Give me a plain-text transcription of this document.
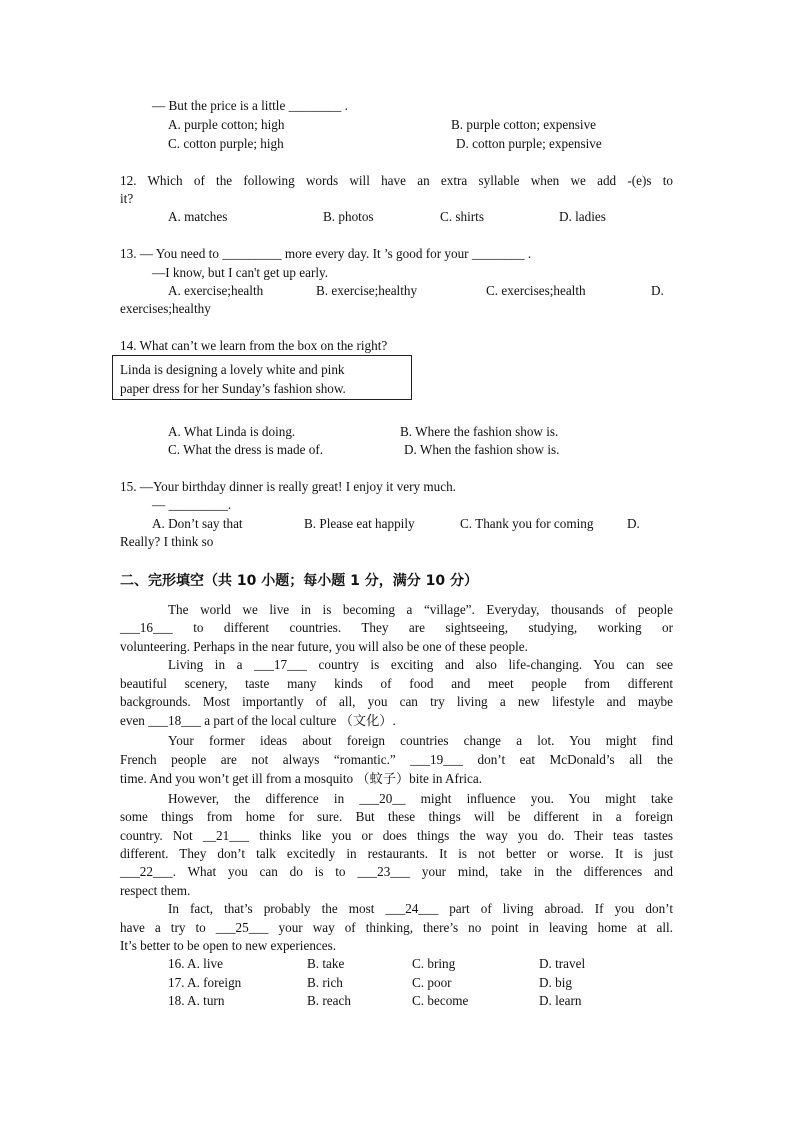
— But the price is a little ________ .
A. purple cotton; high	B. purple cotton; expensive
C. cotton purple; high	D. cotton purple; expensive
12. Which of the following words will have an extra syllable when we add -(e)s to
it?
A. matches	B. photos	C. shirts	D. ladies
13. — You need to _________ more every day. It ’s good for your ________ .
—I know, but I can't get up early.
A. exercise;health	B. exercise;healthy	C. exercises;health	D.
exercises;healthy
14. What can’t we learn from the box on the right?
Linda is designing a lovely white and pink
paper dress for her Sunday’s fashion show.
A. What Linda is doing.	B. Where the fashion show is.
C. What the dress is made of.	D. When the fashion show is.
15. —Your birthday dinner is really great! I enjoy it very much.
— _________.
A. Don’t say that	B. Please eat happily	C. Thank you for coming	D.
Really? I think so
二、完形填空（共 10 小题；每小题 1 分，满分 10 分）
The world we live in is becoming a “village”. Everyday, thousands of people
___16___ to different countries. They are sightseeing, studying, working or
volunteering. Perhaps in the near future, you will also be one of these people.
Living in a ___17___ country is exciting and also life-changing. You can see
beautiful scenery, taste many kinds of food and meet people from different
backgrounds. Most importantly of all, you can try living a new lifestyle and maybe
even ___18___ a part of the local culture （文化）.
Your former ideas about foreign countries change a lot. You might find
French people are not always “romantic.” ___19___ don’t eat McDonald’s all the
time. And you won’t get ill from a mosquito （蚊子）bite in Africa.
However, the difference in ___20__ might influence you. You might take
some things from home for sure. But these things will be different in a foreign
country. Not __21___ thinks like you or does things the way you do. Their teas tastes
different. They don’t talk excitedly in restaurants. It is not better or worse. It is just
___22___. What you can do is to ___23___ your mind, take in the differences and
respect them.
In fact, that’s probably the most ___24___ part of living abroad. If you don’t
have a try to ___25___ your way of thinking, there’s no point in leaving home at all.
It’s better to be open to new experiences.
16. A. live	B. take	C. bring	D. travel
17. A. foreign	B. rich	C. poor	D. big
18. A. turn	B. reach	C. become	D. learn
